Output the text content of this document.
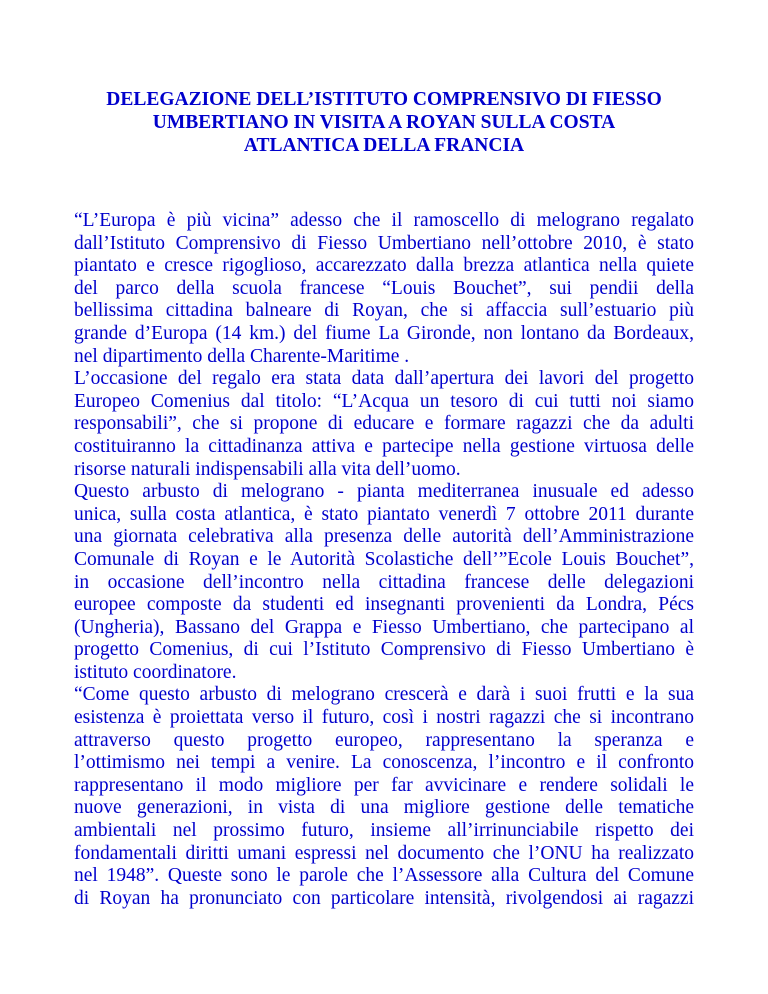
DELEGAZIONE DELL’ISTITUTO COMPRENSIVO DI FIESSO
UMBERTIANO IN VISITA A ROYAN SULLA COSTA
ATLANTICA DELLA FRANCIA
“L’Europa è più vicina” adesso che il ramoscello di melograno regalato
dall’Istituto Comprensivo di Fiesso Umbertiano nell’ottobre 2010, è stato
piantato e cresce rigoglioso, accarezzato dalla brezza atlantica nella quiete
del parco della scuola francese “Louis Bouchet”, sui pendii della
bellissima cittadina balneare di Royan, che si affaccia sull’estuario più
grande d’Europa (14 km.) del fiume La Gironde, non lontano da Bordeaux,
nel dipartimento della Charente-Maritime .
L’occasione del regalo era stata data dall’apertura dei lavori del progetto
Europeo Comenius dal titolo: “L’Acqua un tesoro di cui tutti noi siamo
responsabili”, che si propone di educare e formare ragazzi che da adulti
costituiranno la cittadinanza attiva e partecipe nella gestione virtuosa delle
risorse naturali indispensabili alla vita dell’uomo.
Questo arbusto di melograno - pianta mediterranea inusuale ed adesso
unica, sulla costa atlantica, è stato piantato venerdì 7 ottobre 2011 durante
una giornata celebrativa alla presenza delle autorità dell’Amministrazione
Comunale di Royan e le Autorità Scolastiche dell’”Ecole Louis Bouchet”,
in occasione dell’incontro nella cittadina francese delle delegazioni
europee composte da studenti ed insegnanti provenienti da Londra, Pécs
(Ungheria), Bassano del Grappa e Fiesso Umbertiano, che partecipano al
progetto Comenius, di cui l’Istituto Comprensivo di Fiesso Umbertiano è
istituto coordinatore.
“Come questo arbusto di melograno crescerà e darà i suoi frutti e la sua
esistenza è proiettata verso il futuro, così i nostri ragazzi che si incontrano
attraverso questo progetto europeo, rappresentano la speranza e
l’ottimismo nei tempi a venire. La conoscenza, l’incontro e il confronto
rappresentano il modo migliore per far avvicinare e rendere solidali le
nuove generazioni, in vista di una migliore gestione delle tematiche
ambientali nel prossimo futuro, insieme all’irrinunciabile rispetto dei
fondamentali diritti umani espressi nel documento che l’ONU ha realizzato
nel 1948”. Queste sono le parole che l’Assessore alla Cultura del Comune
di Royan ha pronunciato con particolare intensità, rivolgendosi ai ragazzi
